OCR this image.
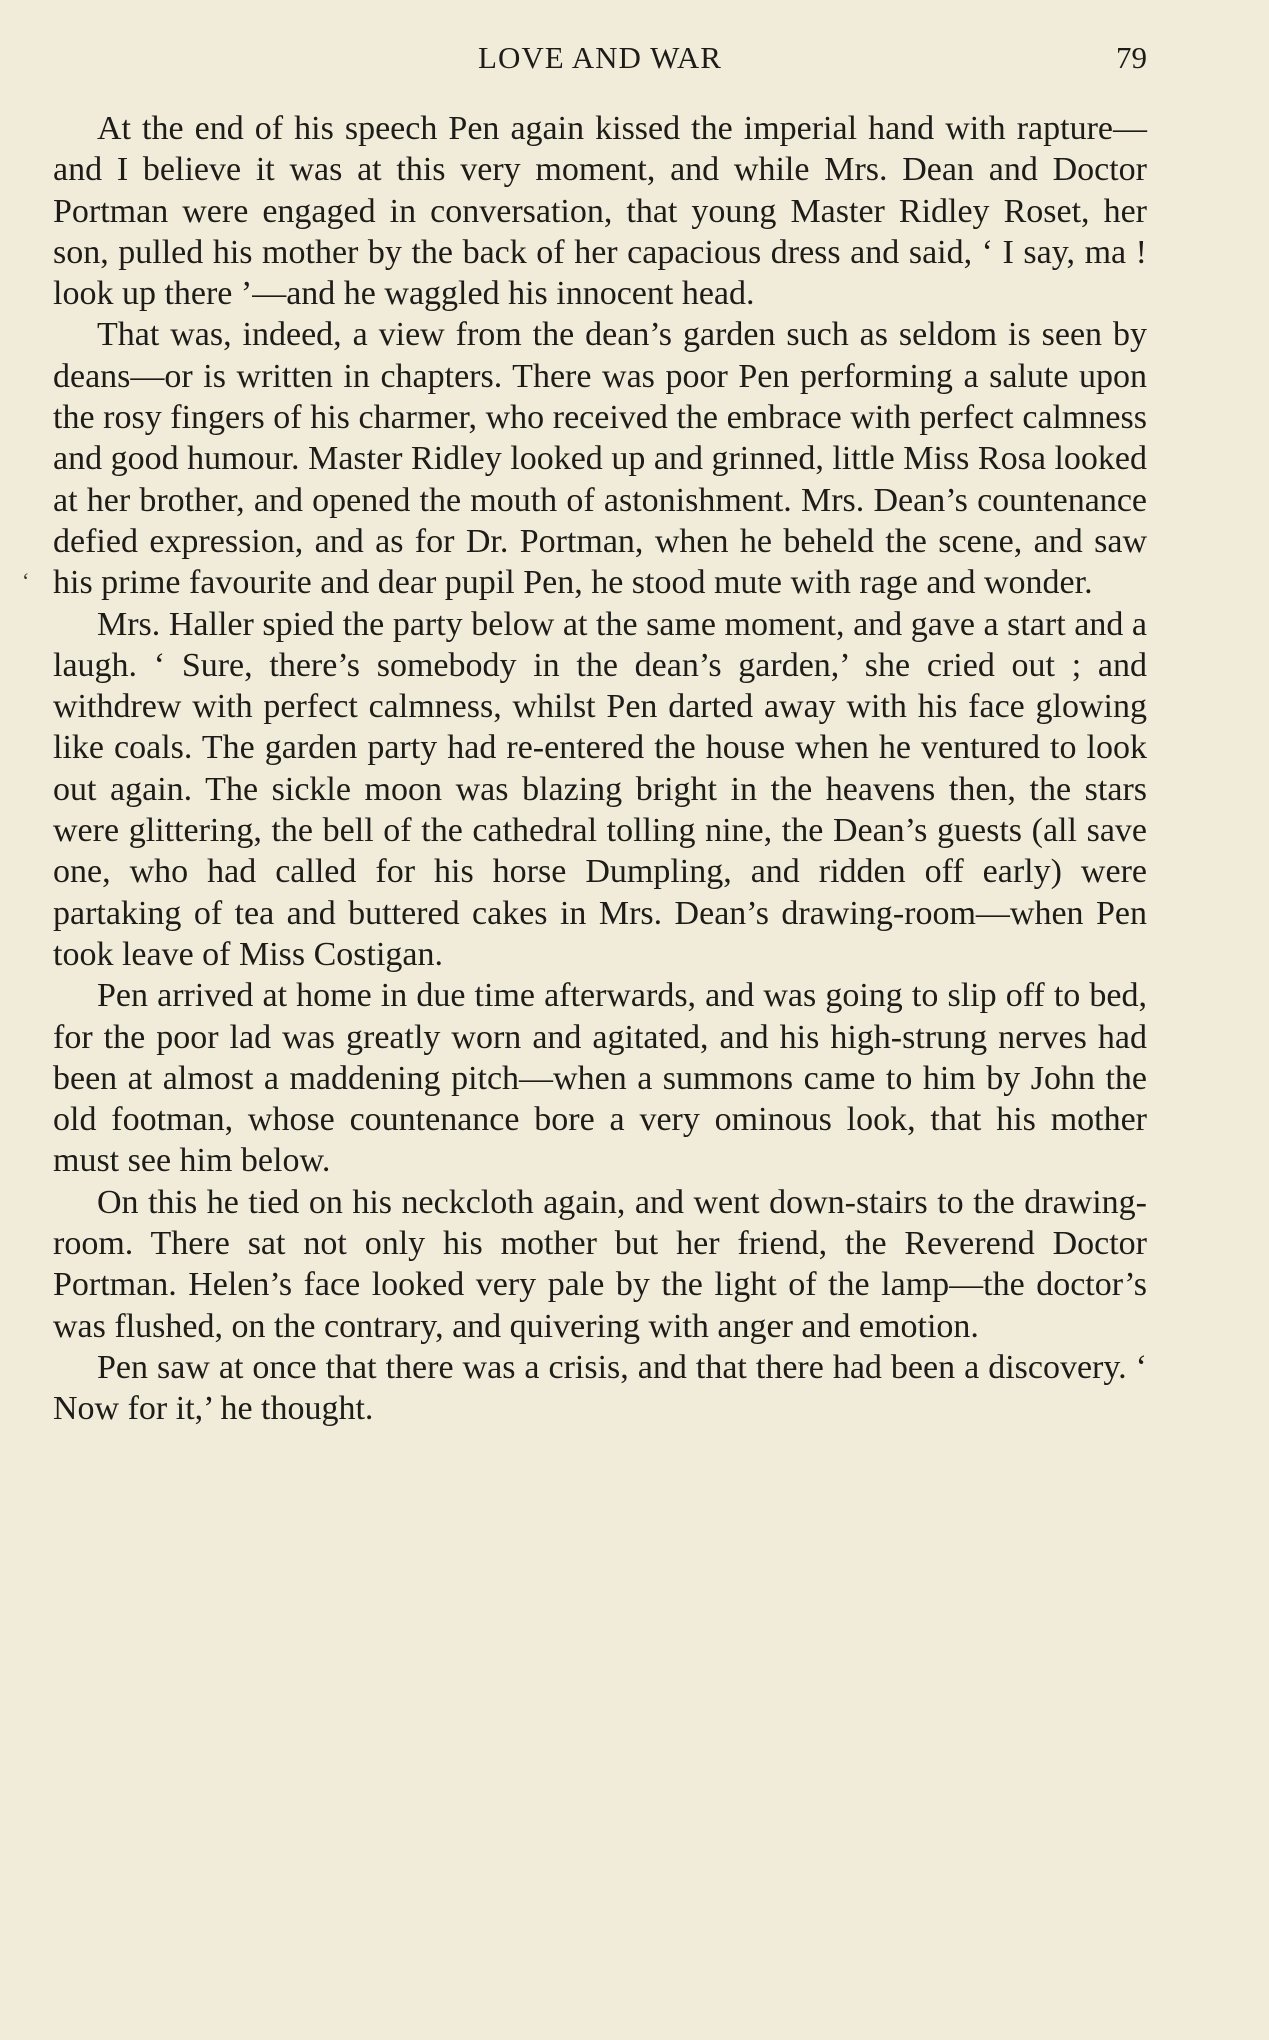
LOVE AND WAR	79
‘

At the end of his speech Pen again kissed the imperial hand with rapture—and I believe it was at this very moment, and while Mrs. Dean and Doctor Portman were engaged in conversation, that young Master Ridley Roset, her son, pulled his mother by the back of her capacious dress and said, ‘ I say, ma ! look up there ’—and he waggled his innocent head.

That was, indeed, a view from the dean’s garden such as seldom is seen by deans—or is written in chapters. There was poor Pen performing a salute upon the rosy fingers of his charmer, who received the embrace with perfect calmness and good humour. Master Ridley looked up and grinned, little Miss Rosa looked at her brother, and opened the mouth of astonishment. Mrs. Dean’s countenance defied expression, and as for Dr. Portman, when he beheld the scene, and saw his prime favourite and dear pupil Pen, he stood mute with rage and wonder.

Mrs. Haller spied the party below at the same moment, and gave a start and a laugh. ‘ Sure, there’s somebody in the dean’s garden,’ she cried out ; and withdrew with perfect calmness, whilst Pen darted away with his face glowing like coals. The garden party had re-entered the house when he ventured to look out again. The sickle moon was blazing bright in the heavens then, the stars were glittering, the bell of the cathedral tolling nine, the Dean’s guests (all save one, who had called for his horse Dumpling, and ridden off early) were partaking of tea and buttered cakes in Mrs. Dean’s drawing-room—when Pen took leave of Miss Costigan.

Pen arrived at home in due time afterwards, and was going to slip off to bed, for the poor lad was greatly worn and agitated, and his high-strung nerves had been at almost a maddening pitch—when a summons came to him by John the old footman, whose countenance bore a very ominous look, that his mother must see him below.

On this he tied on his neckcloth again, and went down-stairs to the drawing-room. There sat not only his mother but her friend, the Reverend Doctor Portman. Helen’s face looked very pale by the light of the lamp—the doctor’s was flushed, on the contrary, and quivering with anger and emotion.

Pen saw at once that there was a crisis, and that there had been a discovery. ‘ Now for it,’ he thought.
